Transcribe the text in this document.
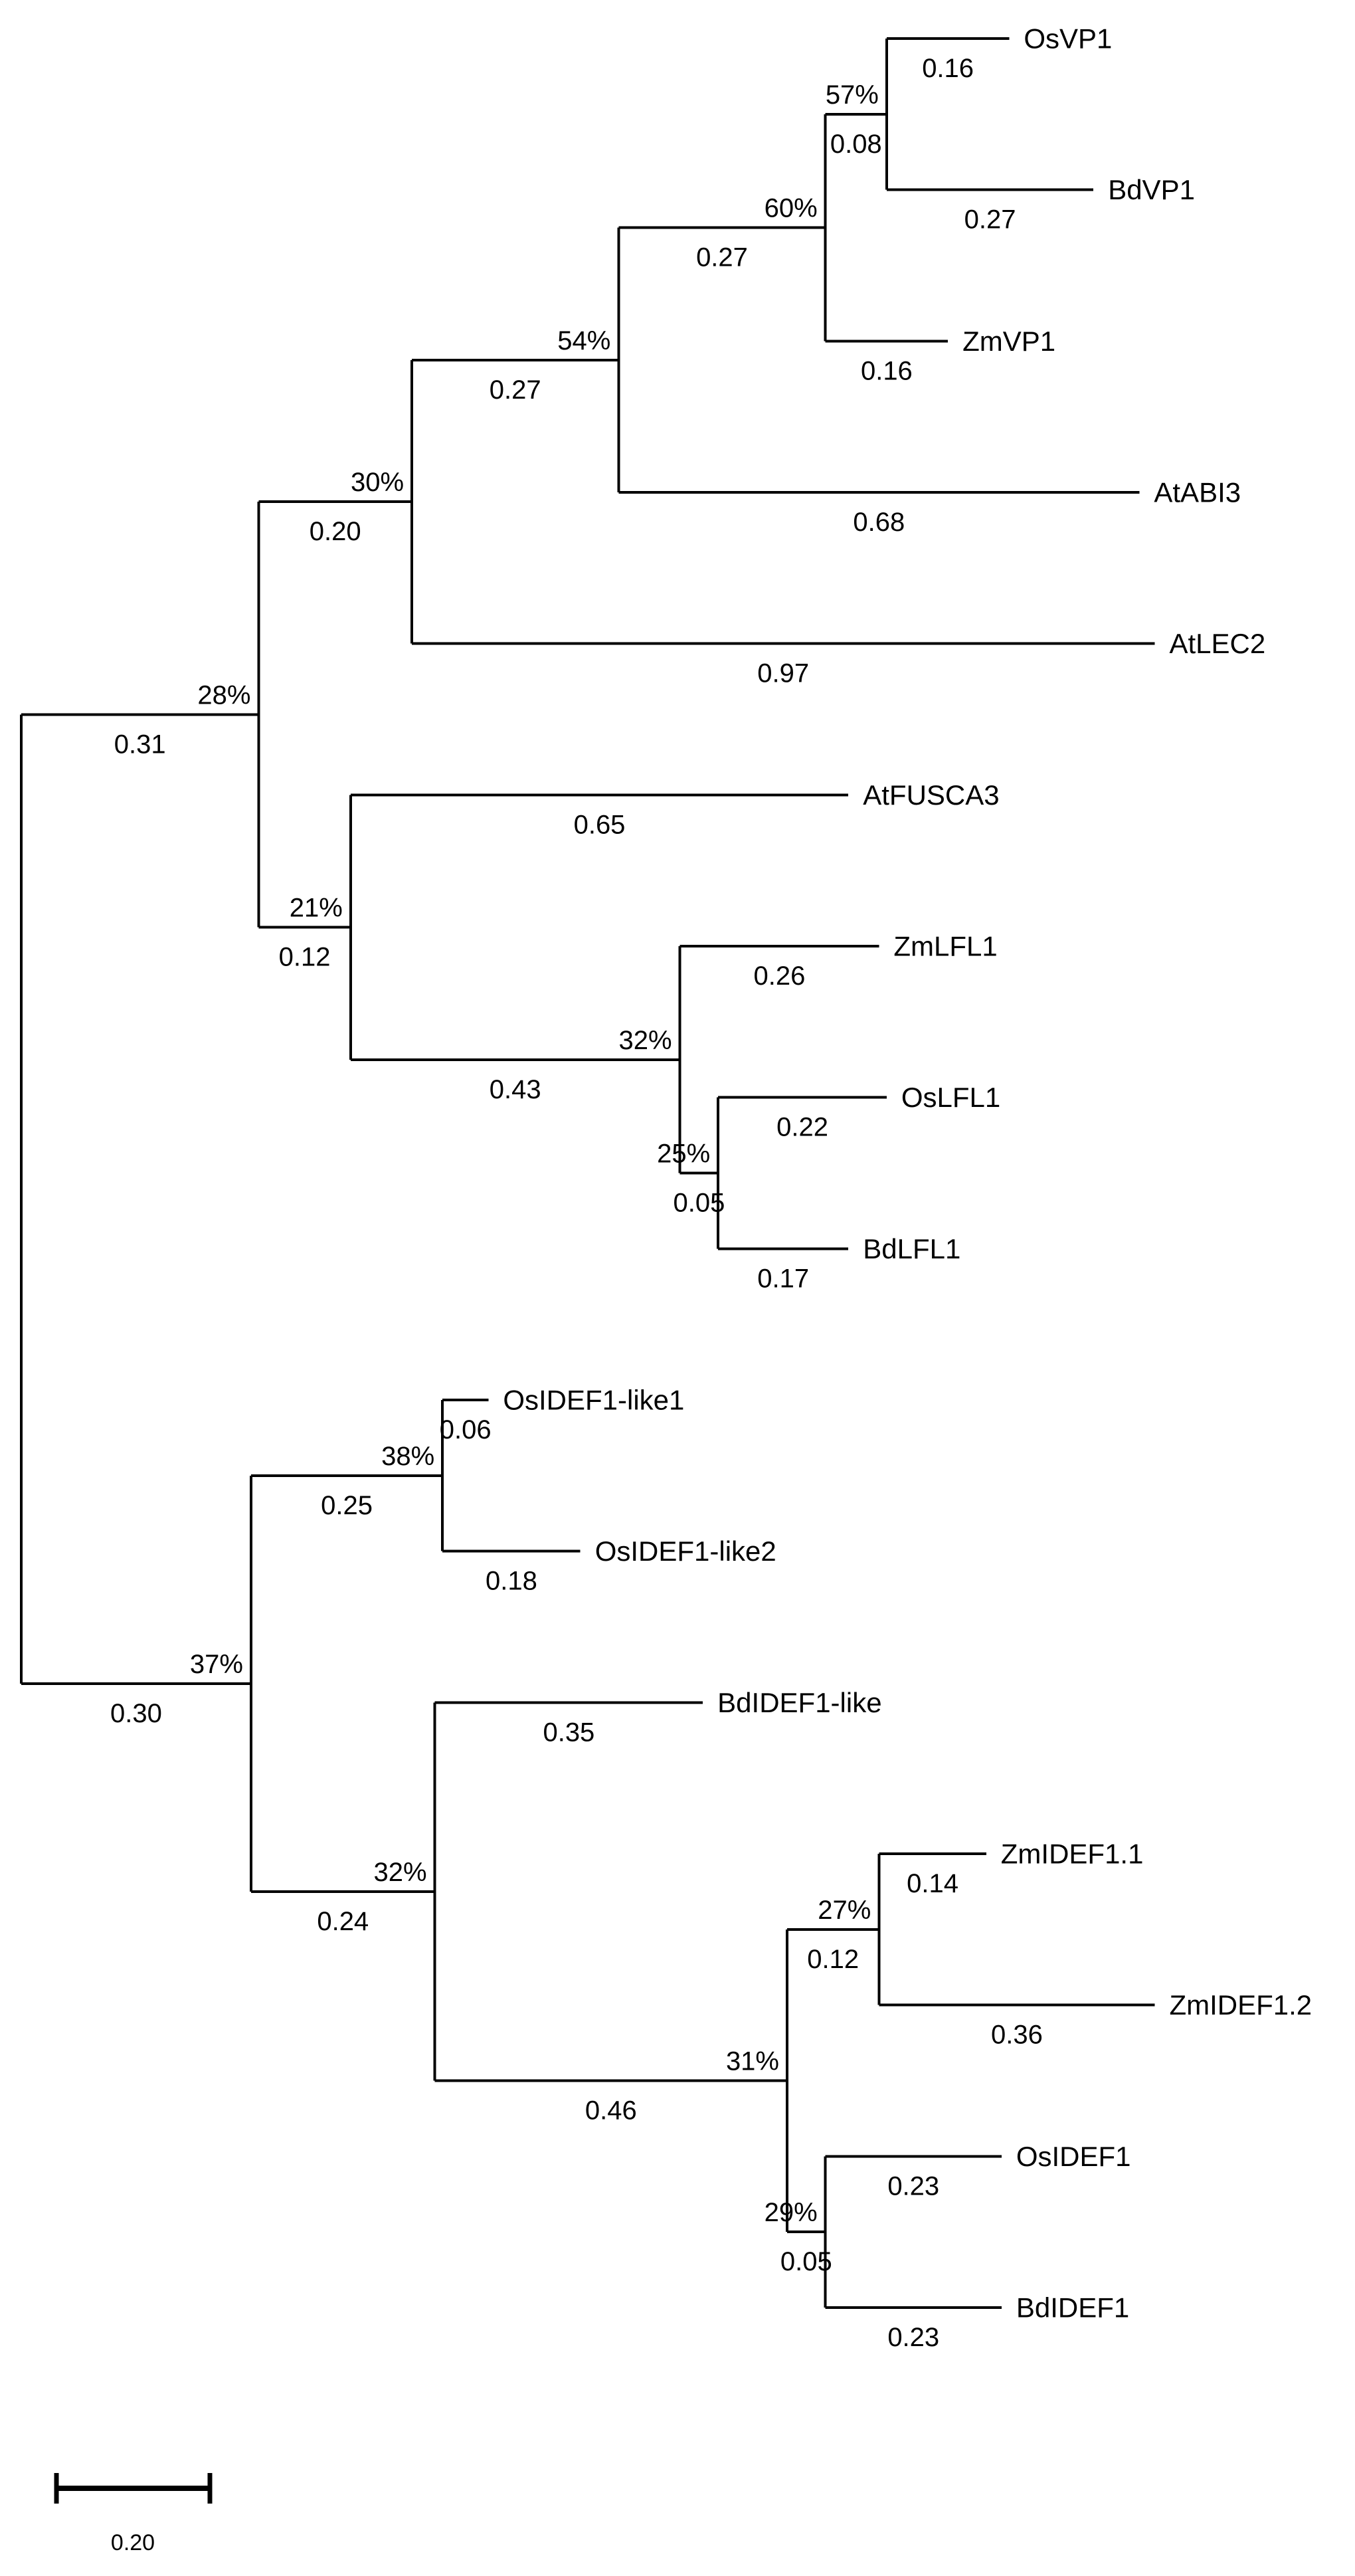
28%
0.31
30%
0.20
54%
0.27
60%
0.27
57%
0.08
OsVP1
0.16
BdVP1
0.27
ZmVP1
0.16
AtABI3
0.68
AtLEC2
0.97
21%
0.12
AtFUSCA3
0.65
32%
0.43
ZmLFL1
0.26
25%
0.05
OsLFL1
0.22
BdLFL1
0.17
37%
0.30
38%
0.25
OsIDEF1-like1
0.06
OsIDEF1-like2
0.18
32%
0.24
BdIDEF1-like
0.35
31%
0.46
27%
0.12
ZmIDEF1.1
0.14
ZmIDEF1.2
0.36
29%
0.05
OsIDEF1
0.23
BdIDEF1
0.23
0.20
